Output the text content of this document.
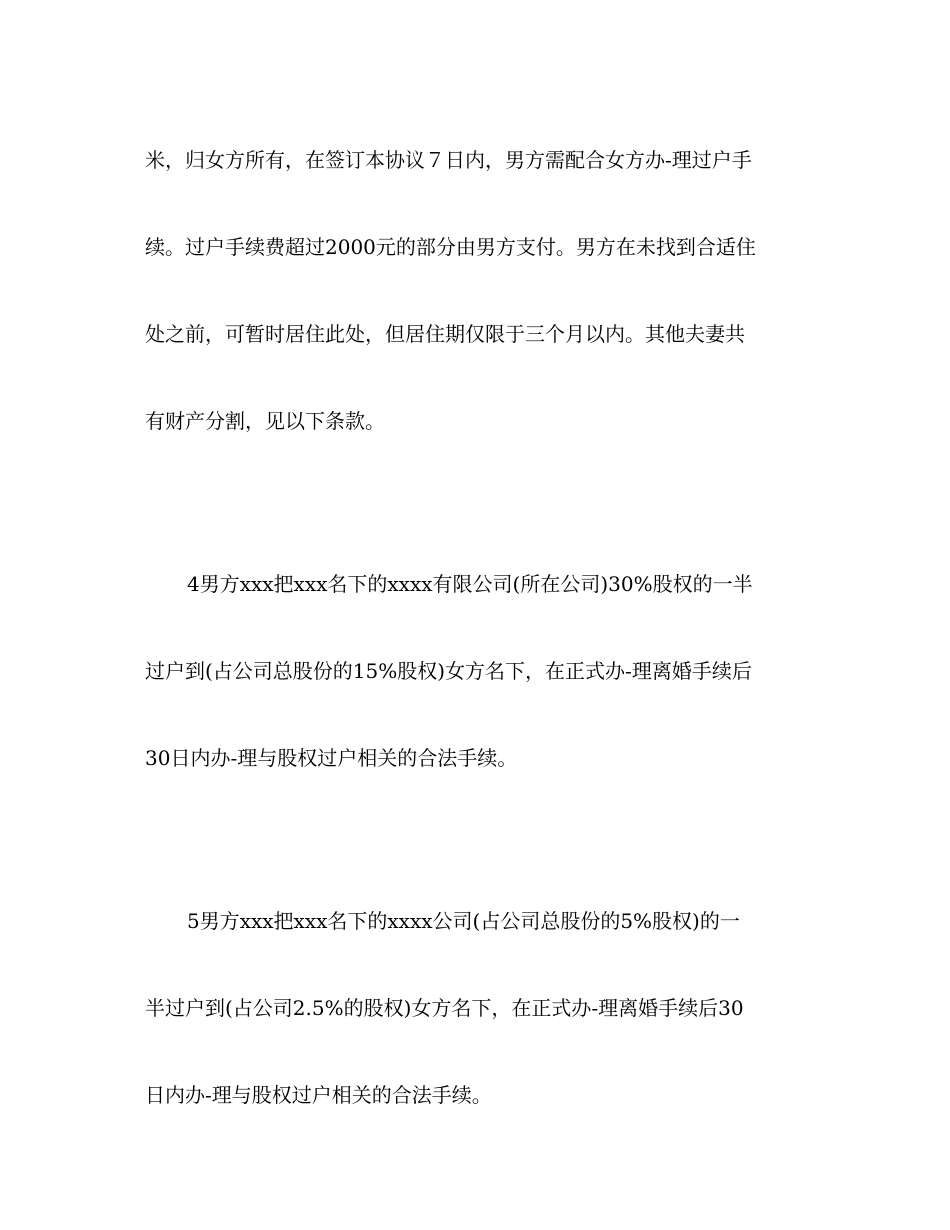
米，归女方所有，在签订本协议７日内，男方需配合女方办-理过户手
续。过户手续费超过2000元的部分由男方支付。男方在未找到合适住
处之前，可暂时居住此处，但居住期仅限于三个月以内。其他夫妻共
有财产分割，见以下条款。

4男方xxx把xxx名下的xxxx有限公司(所在公司)30%股权的一半
过户到(占公司总股份的15%股权)女方名下，在正式办-理离婚手续后
30日内办-理与股权过户相关的合法手续。

5男方xxx把xxx名下的xxxx公司(占公司总股份的5%股权)的一
半过户到(占公司2.5%的股权)女方名下，在正式办-理离婚手续后30
日内办-理与股权过户相关的合法手续。
